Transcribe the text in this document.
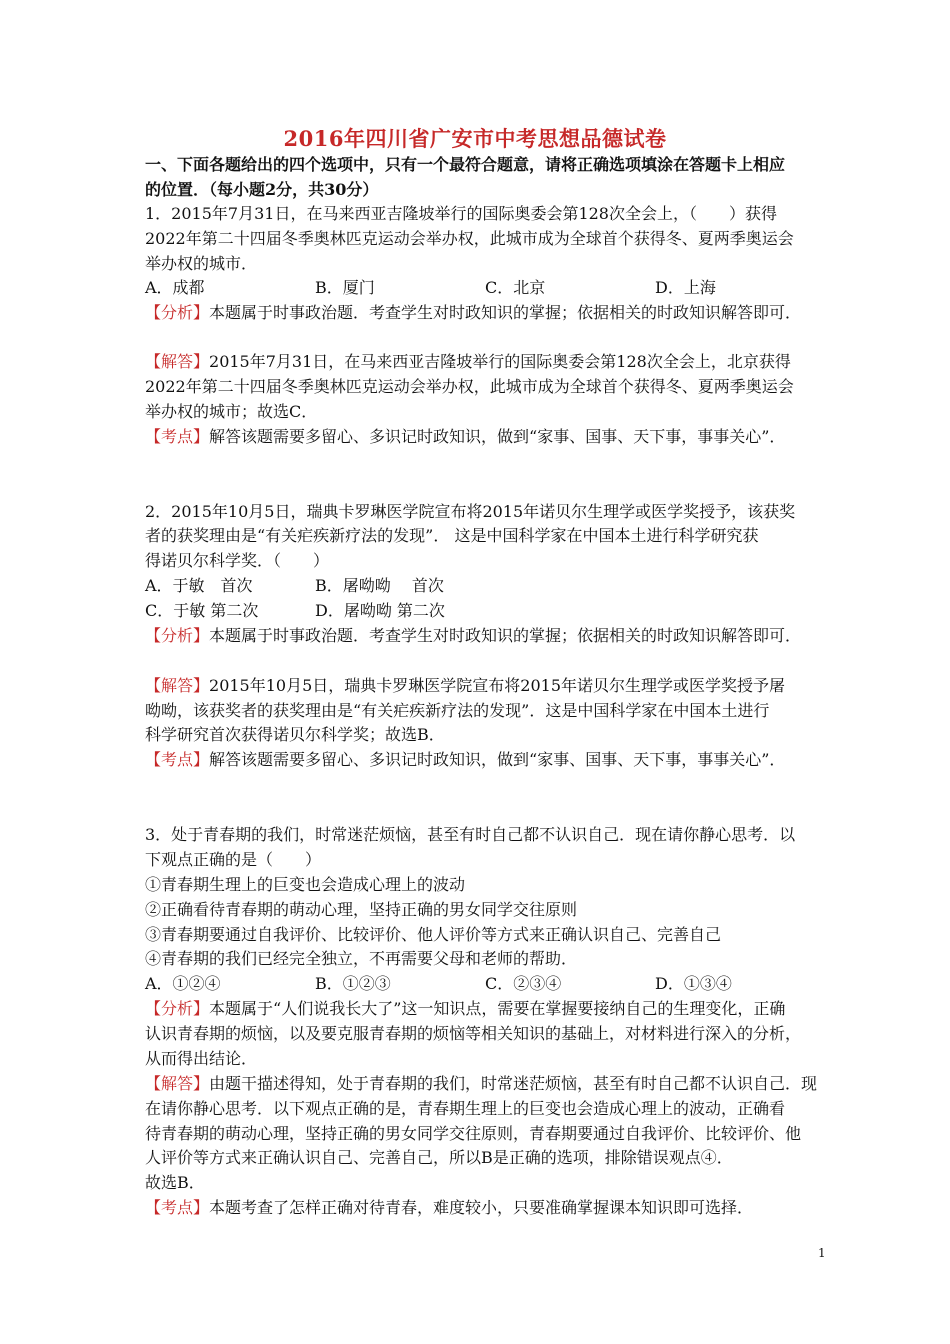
2016年四川省广安市中考思想品德试卷
一、下面各题给出的四个选项中，只有一个最符合题意，请将正确选项填涂在答题卡上相应
的位置．（每小题2分，共30分）
1．2015年7月31日，在马来西亚吉隆坡举行的国际奥委会第128次全会上，（　　）获得
2022年第二十四届冬季奥林匹克运动会举办权，此城市成为全球首个获得冬、夏两季奥运会
举办权的城市．
A．成都	B．厦门	C．北京	D．上海
【分析】本题属于时事政治题．考查学生对时政知识的掌握；依据相关的时政知识解答即可．
【解答】2015年7月31日，在马来西亚吉隆坡举行的国际奥委会第128次全会上，北京获得
2022年第二十四届冬季奥林匹克运动会举办权，此城市成为全球首个获得冬、夏两季奥运会
举办权的城市；故选C．
【考点】解答该题需要多留心、多识记时政知识，做到“家事、国事、天下事，事事关心”．
2．2015年10月5日，瑞典卡罗琳医学院宣布将2015年诺贝尔生理学或医学奖授予，该获奖
者的获奖理由是“有关疟疾新疗法的发现”． 这是中国科学家在中国本土进行科学研究获
得诺贝尔科学奖．（　　）
A．于敏　首次	B．屠呦呦　 首次
C．于敏 第二次	D．屠呦呦 第二次
【分析】本题属于时事政治题．考查学生对时政知识的掌握；依据相关的时政知识解答即可．
【解答】2015年10月5日，瑞典卡罗琳医学院宣布将2015年诺贝尔生理学或医学奖授予屠
呦呦，该获奖者的获奖理由是“有关疟疾新疗法的发现”．这是中国科学家在中国本土进行
科学研究首次获得诺贝尔科学奖；故选B．
【考点】解答该题需要多留心、多识记时政知识，做到“家事、国事、天下事，事事关心”．
3．处于青春期的我们，时常迷茫烦恼，甚至有时自己都不认识自己．现在请你静心思考．以
下观点正确的是（　　）
①青春期生理上的巨变也会造成心理上的波动
②正确看待青春期的萌动心理，坚持正确的男女同学交往原则
③青春期要通过自我评价、比较评价、他人评价等方式来正确认识自己、完善自己
④青春期的我们已经完全独立，不再需要父母和老师的帮助．
A．①②④	B．①②③	C．②③④	D．①③④
【分析】本题属于“人们说我长大了”这一知识点，需要在掌握要接纳自己的生理变化，正确
认识青春期的烦恼，以及要克服青春期的烦恼等相关知识的基础上，对材料进行深入的分析，
从而得出结论．
【解答】由题干描述得知，处于青春期的我们，时常迷茫烦恼，甚至有时自己都不认识自己．现
在请你静心思考．以下观点正确的是，青春期生理上的巨变也会造成心理上的波动，正确看
待青春期的萌动心理，坚持正确的男女同学交往原则，青春期要通过自我评价、比较评价、他
人评价等方式来正确认识自己、完善自己，所以B是正确的选项，排除错误观点④．
故选B．
【考点】本题考查了怎样正确对待青春，难度较小，只要准确掌握课本知识即可选择．
1
